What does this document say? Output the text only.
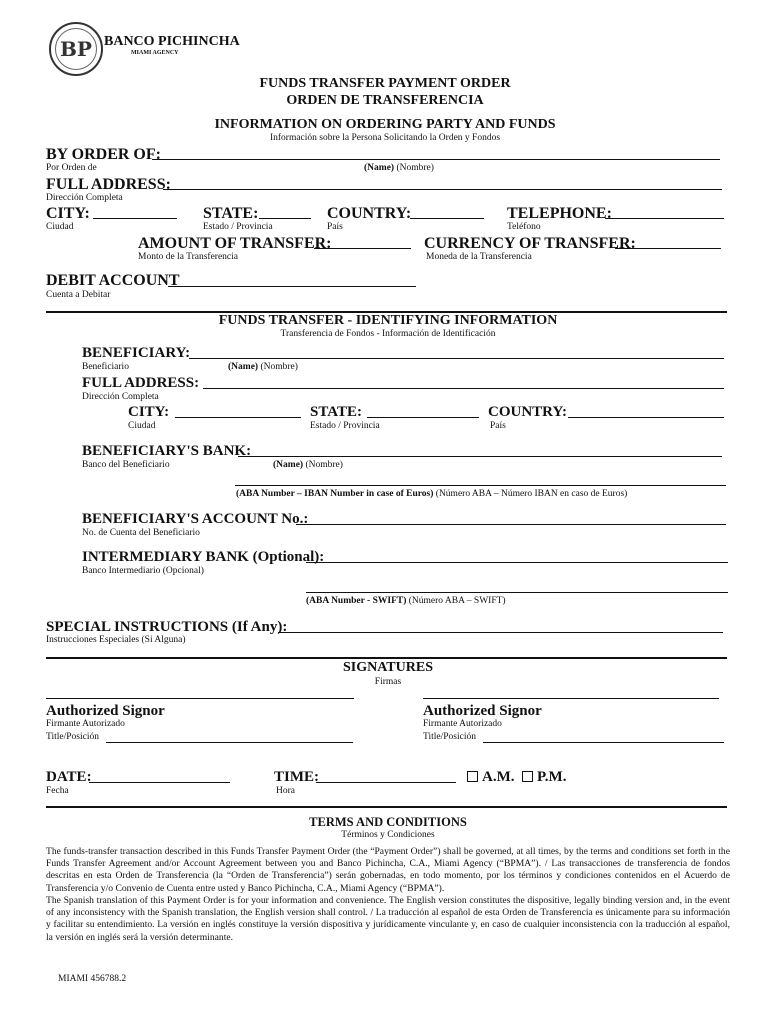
BP BANCO PICHINCHA
MIAMI AGENCY
FUNDS TRANSFER PAYMENT ORDER
ORDEN DE TRANSFERENCIA
INFORMATION ON ORDERING PARTY AND FUNDS
Información sobre la Persona Solicitando la Orden y Fondos
BY ORDER OF:
Por Orden de	(Name) (Nombre)
FULL ADDRESS:
Dirección Completa
CITY:
Ciudad
STATE:
Estado / Provincia
COUNTRY:
País
TELEPHONE:
Teléfono
AMOUNT OF TRANSFER:
Monto de la Transferencia
CURRENCY OF TRANSFER:
Moneda de la Transferencia
DEBIT ACCOUNT
Cuenta a Debitar
FUNDS TRANSFER - IDENTIFYING INFORMATION
Transferencia de Fondos - Información de Identificación
BENEFICIARY:
Beneficiario	(Name) (Nombre)
FULL ADDRESS:
Dirección Completa
CITY:
Ciudad
STATE:
Estado / Provincia
COUNTRY:
País
BENEFICIARY'S BANK:
Banco del Beneficiario	(Name) (Nombre)
(ABA Number – IBAN Number in case of Euros) (Número ABA – Número IBAN en caso de Euros)
BENEFICIARY'S ACCOUNT No.:
No. de Cuenta del Beneficiario
INTERMEDIARY BANK (Optional):
Banco Intermediario (Opcional)
(ABA Number - SWIFT) (Número ABA – SWIFT)
SPECIAL INSTRUCTIONS (If Any):
Instrucciones Especiales (Si Alguna)
SIGNATURES
Firmas
Authorized Signor
Firmante Autorizado
Title/Posición
Authorized Signor
Firmante Autorizado
Title/Posición
DATE:
Fecha
TIME:
Hora
A.M.	P.M.
TERMS AND CONDITIONS
Términos y Condiciones
The funds-transfer transaction described in this Funds Transfer Payment Order (the “Payment Order”) shall be governed, at all times, by the terms and conditions set forth in the Funds Transfer Agreement and/or Account Agreement between you and Banco Pichincha, C.A., Miami Agency (“BPMA”). / Las transacciones de transferencia de fondos descritas en esta Orden de Transferencia (la “Orden de Transferencia”) serán gobernadas, en todo momento, por los términos y condiciones contenidos en el Acuerdo de Transferencia y/o Convenio de Cuenta entre usted y Banco Pichincha, C.A., Miami Agency (“BPMA”).
The Spanish translation of this Payment Order is for your information and convenience. The English version constitutes the dispositive, legally binding version and, in the event of any inconsistency with the Spanish translation, the English version shall control. / La traducción al español de esta Orden de Transferencia es únicamente para su información y facilitar su entendimiento. La versión en inglés constituye la versión dispositiva y jurídicamente vinculante y, en caso de cualquier inconsistencia con la traducción al español, la versión en inglés será la versión determinante.
MIAMI 456788.2
